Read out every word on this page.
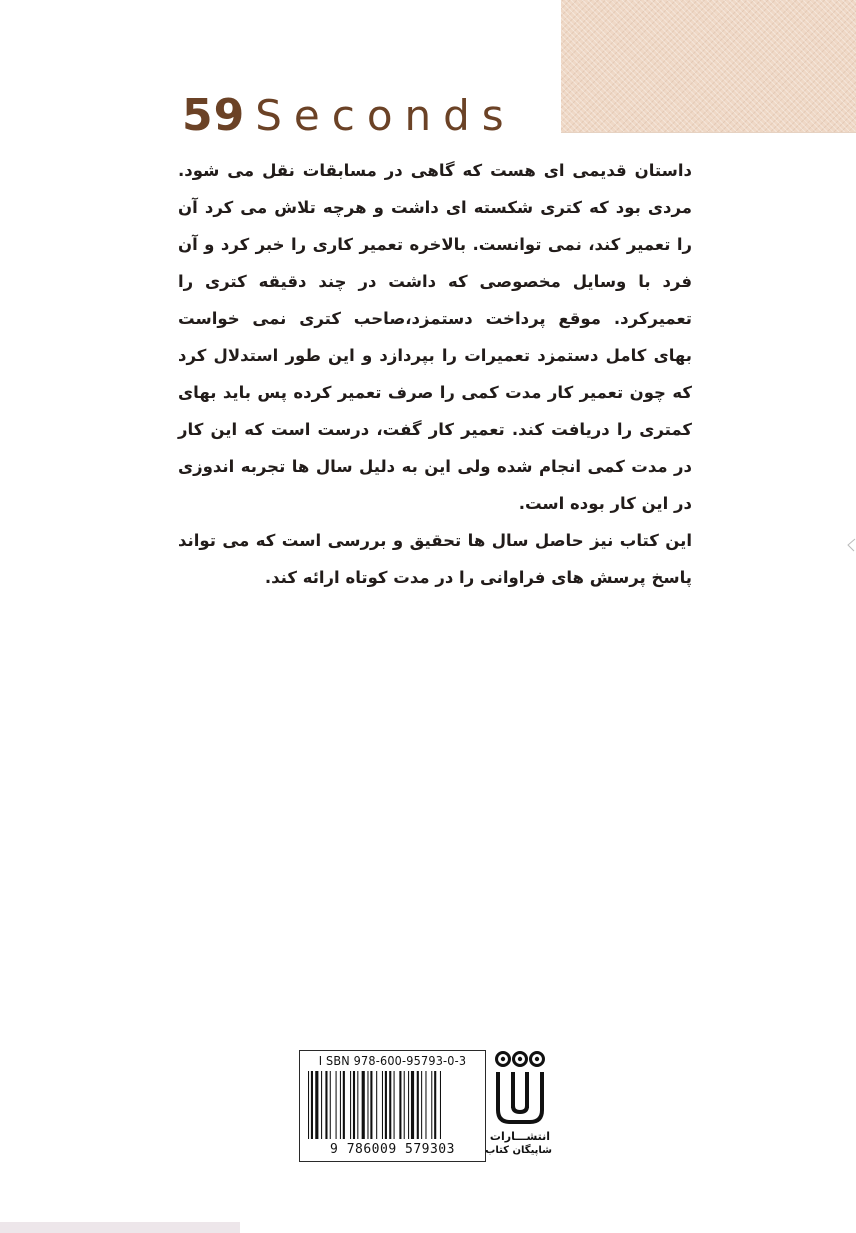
59 Seconds

داستان قدیمی ای هست که گاهی در مسابقات نقل می شود. مردی بود که کتری شکسته ای داشت و هرچه تلاش می کرد آن را تعمیر کند، نمی توانست. بالاخره تعمیر کاری را خبر کرد و آن فرد با وسایل مخصوصی که داشت در چند دقیقه کتری را تعمیرکرد. موقع پرداخت دستمزد،صاحب کتری نمی خواست بهای کامل دستمزد تعمیرات را بپردازد و این طور استدلال کرد که چون تعمیر کار مدت کمی را صرف تعمیر کرده پس باید بهای کمتری را دریافت کند. تعمیر کار گفت، درست است که این کار در مدت کمی انجام شده ولی این به دلیل سال ها تجربه اندوزی در این کار بوده است.

این کتاب نیز حاصل سال ها تحقیق و بررسی است که می تواند پاسخ پرسش های فراوانی را در مدت کوتاه ارائه کند.

I SBN 978-600-95793-0-3
9 786009 579303
انتشـــارات
شاپیگان کتاب
